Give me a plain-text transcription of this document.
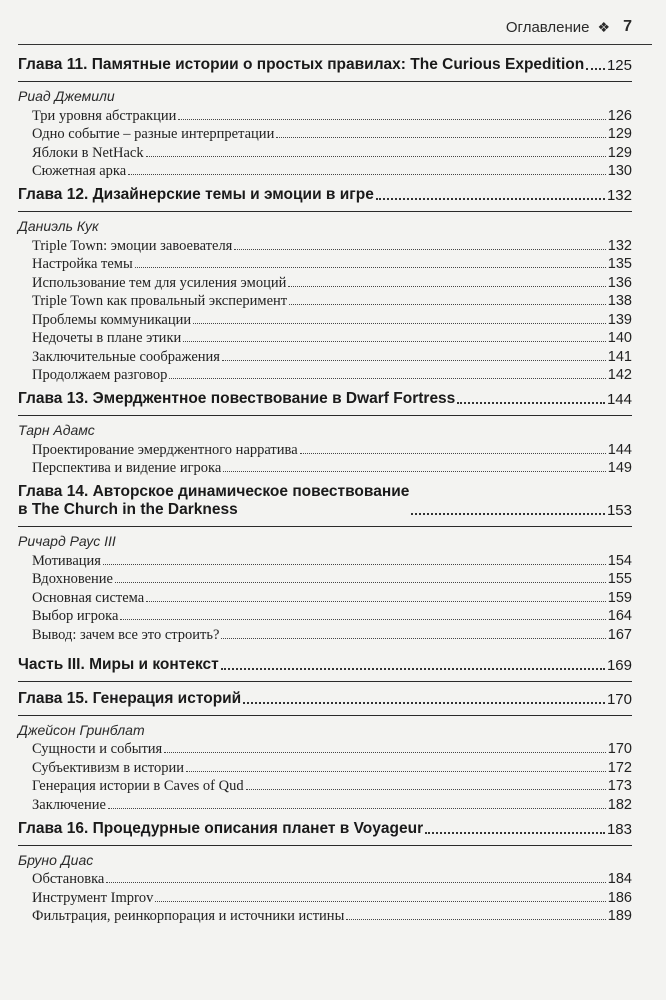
Оглавление ❖ 7
Глава 11. Памятные истории о простых правилах: The Curious Expedition 125
Риад Джемили
Три уровня абстракции	126
Одно событие – разные интерпретации	129
Яблоки в NetHack	129
Сюжетная арка	130
Глава 12. Дизайнерские темы и эмоции в игре	132
Даниэль Кук
Triple Town: эмоции завоевателя	132
Настройка темы	135
Использование тем для усиления эмоций	136
Triple Town как провальный эксперимент	138
Проблемы коммуникации	139
Недочеты в плане этики	140
Заключительные соображения	141
Продолжаем разговор	142
Глава 13. Эмерджентное повествование в Dwarf Fortress	144
Тарн Адамс
Проектирование эмерджентного нарратива	144
Перспектива и видение игрока	149
Глава 14. Авторское динамическое повествование
в The Church in the Darkness	153
Ричард Раус III
Мотивация	154
Вдохновение	155
Основная система	159
Выбор игрока	164
Вывод: зачем все это строить?	167
Часть III. Миры и контекст	169
Глава 15. Генерация историй	170
Джейсон Гринблат
Сущности и события	170
Субъективизм в истории	172
Генерация истории в Caves of Qud	173
Заключение	182
Глава 16. Процедурные описания планет в Voyageur	183
Бруно Диас
Обстановка	184
Инструмент Improv	186
Фильтрация, реинкорпорация и источники истины	189
